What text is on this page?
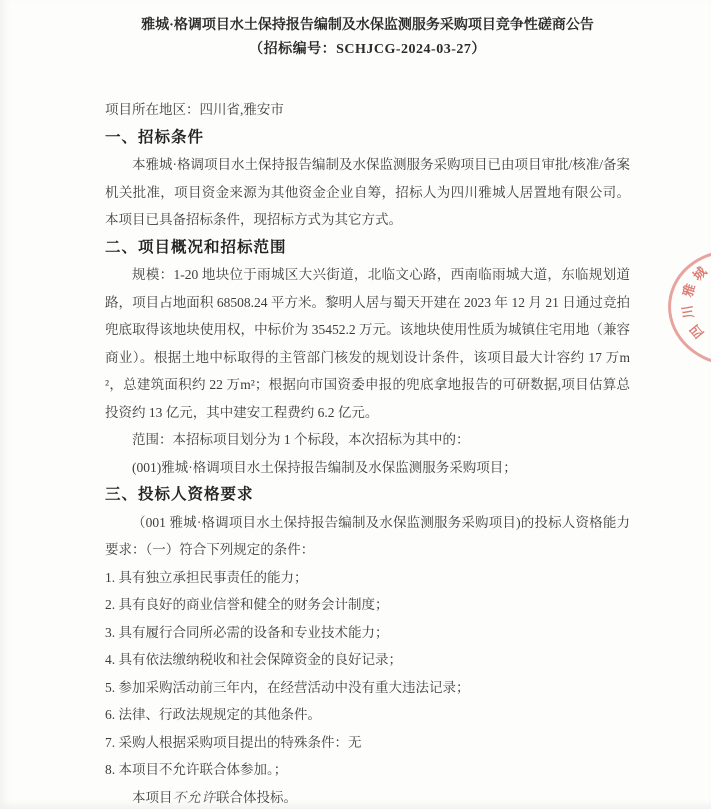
雅城·格调项目水土保持报告编制及水保监测服务采购项目竞争性磋商公告
（招标编号：SCHJCG-2024-03-27）

项目所在地区：四川省,雅安市

一、招标条件

本雅城·格调项目水土保持报告编制及水保监测服务采购项目已由项目审批/核准/备案机关批准，项目资金来源为其他资金企业自筹，招标人为四川雅城人居置地有限公司。本项目已具备招标条件，现招标方式为其它方式。

二、项目概况和招标范围

规模：1-20 地块位于雨城区大兴街道，北临文心路，西南临雨城大道，东临规划道路，项目占地面积 68508.24 平方米。黎明人居与蜀天开建在 2023 年 12 月 21 日通过竞拍兜底取得该地块使用权，中标价为 35452.2 万元。该地块使用性质为城镇住宅用地（兼容商业）。根据土地中标取得的主管部门核发的规划设计条件，该项目最大计容约 17 万m²，总建筑面积约 22 万m²；根据向市国资委申报的兜底拿地报告的可研数据,项目估算总投资约 13 亿元，其中建安工程费约 6.2 亿元。

范围：本招标项目划分为 1 个标段，本次招标为其中的：

(001)雅城·格调项目水土保持报告编制及水保监测服务采购项目；

三、投标人资格要求

（001 雅城·格调项目水土保持报告编制及水保监测服务采购项目)的投标人资格能力要求：（一）符合下列规定的条件：

1. 具有独立承担民事责任的能力；

2. 具有良好的商业信誉和健全的财务会计制度；

3. 具有履行合同所必需的设备和专业技术能力；

4. 具有依法缴纳税收和社会保障资金的良好记录；

5. 参加采购活动前三年内，在经营活动中没有重大违法记录；

6. 法律、行政法规规定的其他条件。

7. 采购人根据采购项目提出的特殊条件：无

8. 本项目不允许联合体参加。；

本项目不允许联合体投标。

四
川
雅
城
